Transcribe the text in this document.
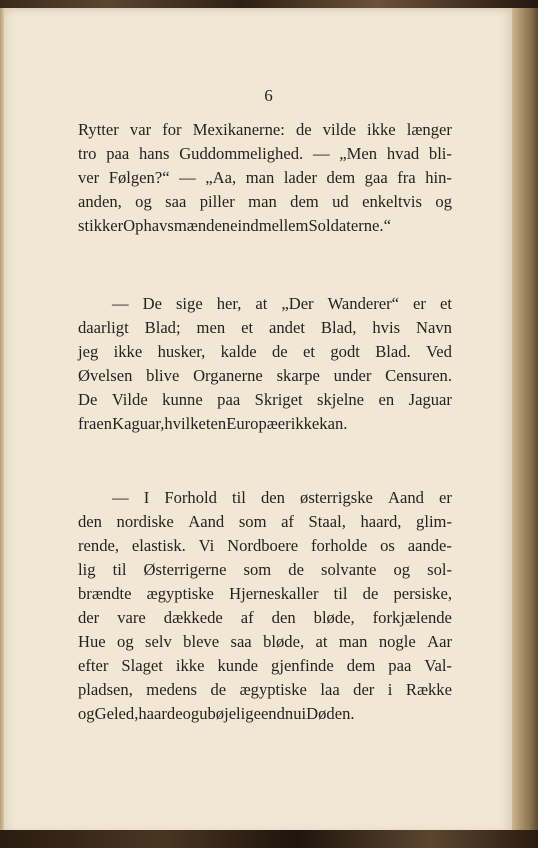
6
Rytter var for Mexikanerne: de vilde ikke længer
tro paa hans Guddommelighed. — „Men hvad bli-
ver Følgen?“ — „Aa, man lader dem gaa fra hin-
anden, og saa piller man dem ud enkeltvis og
stikker Ophavsmændene ind mellem Soldaterne.“
— De sige her, at „Der Wanderer“ er et
daarligt Blad; men et andet Blad, hvis Navn
jeg ikke husker, kalde de et godt Blad. Ved
Øvelsen blive Organerne skarpe under Censuren.
De Vilde kunne paa Skriget skjelne en Jaguar
fra en Kaguar, hvilket en Europæer ikke kan.
— I Forhold til den østerrigske Aand er
den nordiske Aand som af Staal, haard, glim-
rende, elastisk. Vi Nordboere forholde os aande-
lig til Østerrigerne som de solvante og sol-
brændte ægyptiske Hjerneskaller til de persiske,
der vare dækkede af den bløde, forkjælende
Hue og selv bleve saa bløde, at man nogle Aar
efter Slaget ikke kunde gjenfinde dem paa Val-
pladsen, medens de ægyptiske laa der i Række
og Geled, haarde og ubøjelige endnu i Døden.
